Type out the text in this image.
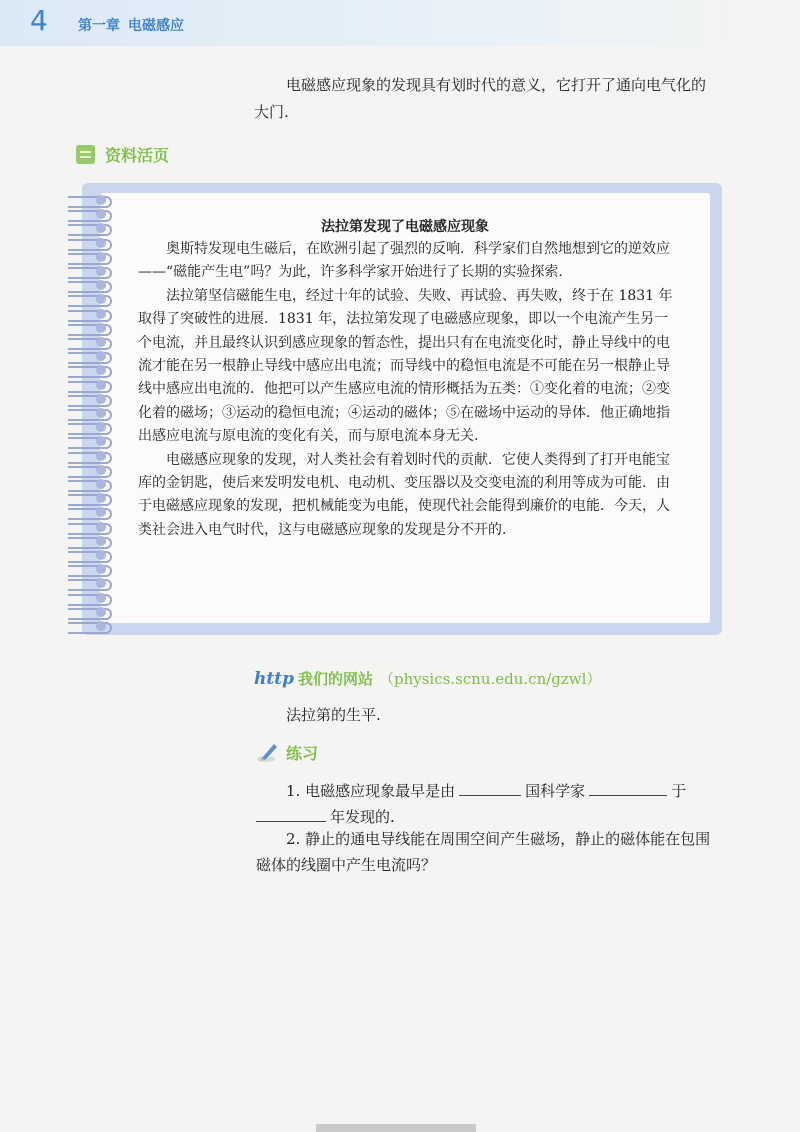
4 第一章 电磁感应
电磁感应现象的发现具有划时代的意义，它打开了通向电气化的大门.
资料活页
法拉第发现了电磁感应现象

奥斯特发现电生磁后，在欧洲引起了强烈的反响．科学家们自然地想到它的逆效应——“磁能产生电”吗？为此，许多科学家开始进行了长期的实验探索.

法拉第坚信磁能生电，经过十年的试验、失败、再试验、再失败，终于在 1831 年取得了突破性的进展．1831 年，法拉第发现了电磁感应现象，即以一个电流产生另一个电流，并且最终认识到感应现象的暂态性，提出只有在电流变化时，静止导线中的电流才能在另一根静止导线中感应出电流；而导线中的稳恒电流是不可能在另一根静止导线中感应出电流的．他把可以产生感应电流的情形概括为五类：①变化着的电流；②变化着的磁场；③运动的稳恒电流；④运动的磁体；⑤在磁场中运动的导体．他正确地指出感应电流与原电流的变化有关，而与原电流本身无关.

电磁感应现象的发现，对人类社会有着划时代的贡献．它使人类得到了打开电能宝库的金钥匙，使后来发明发电机、电动机、变压器以及交变电流的利用等成为可能．由于电磁感应现象的发现，把机械能变为电能，使现代社会能得到廉价的电能．今天，人类社会进入电气时代，这与电磁感应现象的发现是分不开的.

http 我们的网站 （physics.scnu.edu.cn/gzwl）
法拉第的生平.
练习
1. 电磁感应现象最早是由	国科学家	于
年发现的.
2. 静止的通电导线能在周围空间产生磁场，静止的磁体能在包围磁体的线圈中产生电流吗？
